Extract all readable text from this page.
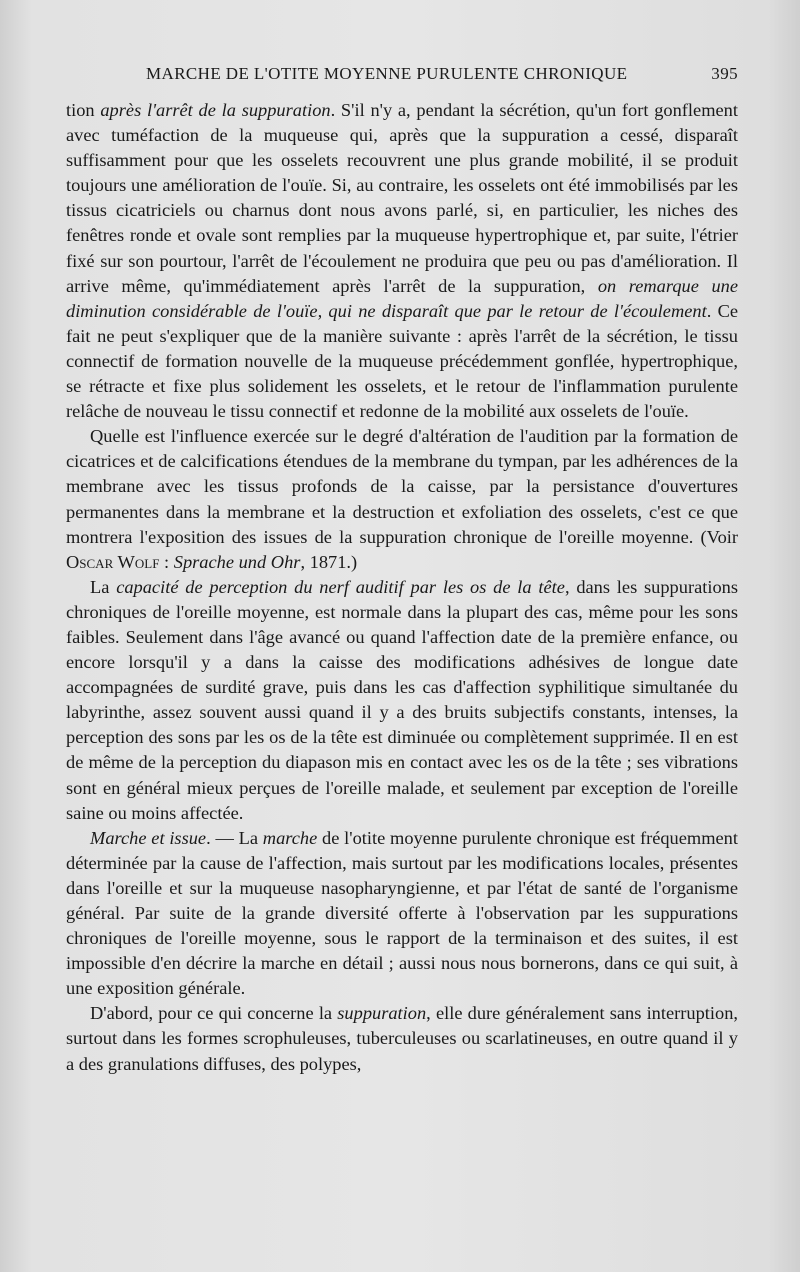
MARCHE DE L'OTITE MOYENNE PURULENTE CHRONIQUE	395

tion après l'arrêt de la suppuration. S'il n'y a, pendant la sécrétion, qu'un fort gonflement avec tuméfaction de la muqueuse qui, après que la suppuration a cessé, disparaît suffisamment pour que les osselets recouvrent une plus grande mobilité, il se produit toujours une amélioration de l'ouïe. Si, au contraire, les osselets ont été immobilisés par les tissus cicatriciels ou charnus dont nous avons parlé, si, en particulier, les niches des fenêtres ronde et ovale sont remplies par la muqueuse hypertrophique et, par suite, l'étrier fixé sur son pourtour, l'arrêt de l'écoulement ne produira que peu ou pas d'amélioration. Il arrive même, qu'immédiatement après l'arrêt de la suppuration, on remarque une diminution considérable de l'ouïe, qui ne disparaît que par le retour de l'écoulement. Ce fait ne peut s'expliquer que de la manière suivante : après l'arrêt de la sécrétion, le tissu connectif de formation nouvelle de la muqueuse précédemment gonflée, hypertrophique, se rétracte et fixe plus solidement les osselets, et le retour de l'inflammation purulente relâche de nouveau le tissu connectif et redonne de la mobilité aux osselets de l'ouïe.

Quelle est l'influence exercée sur le degré d'altération de l'audition par la formation de cicatrices et de calcifications étendues de la membrane du tympan, par les adhérences de la membrane avec les tissus profonds de la caisse, par la persistance d'ouvertures permanentes dans la membrane et la destruction et exfoliation des osselets, c'est ce que montrera l'exposition des issues de la suppuration chronique de l'oreille moyenne. (Voir Oscar Wolf : Sprache und Ohr, 1871.)

La capacité de perception du nerf auditif par les os de la tête, dans les suppurations chroniques de l'oreille moyenne, est normale dans la plupart des cas, même pour les sons faibles. Seulement dans l'âge avancé ou quand l'affection date de la première enfance, ou encore lorsqu'il y a dans la caisse des modifications adhésives de longue date accompagnées de surdité grave, puis dans les cas d'affection syphilitique simultanée du labyrinthe, assez souvent aussi quand il y a des bruits subjectifs constants, intenses, la perception des sons par les os de la tête est diminuée ou complètement supprimée. Il en est de même de la perception du diapason mis en contact avec les os de la tête ; ses vibrations sont en général mieux perçues de l'oreille malade, et seulement par exception de l'oreille saine ou moins affectée.

Marche et issue. — La marche de l'otite moyenne purulente chronique est fréquemment déterminée par la cause de l'affection, mais surtout par les modifications locales, présentes dans l'oreille et sur la muqueuse nasopharyngienne, et par l'état de santé de l'organisme général. Par suite de la grande diversité offerte à l'observation par les suppurations chroniques de l'oreille moyenne, sous le rapport de la terminaison et des suites, il est impossible d'en décrire la marche en détail ; aussi nous nous bornerons, dans ce qui suit, à une exposition générale.

D'abord, pour ce qui concerne la suppuration, elle dure généralement sans interruption, surtout dans les formes scrophuleuses, tuberculeuses ou scarlatineuses, en outre quand il y a des granulations diffuses, des polypes,
